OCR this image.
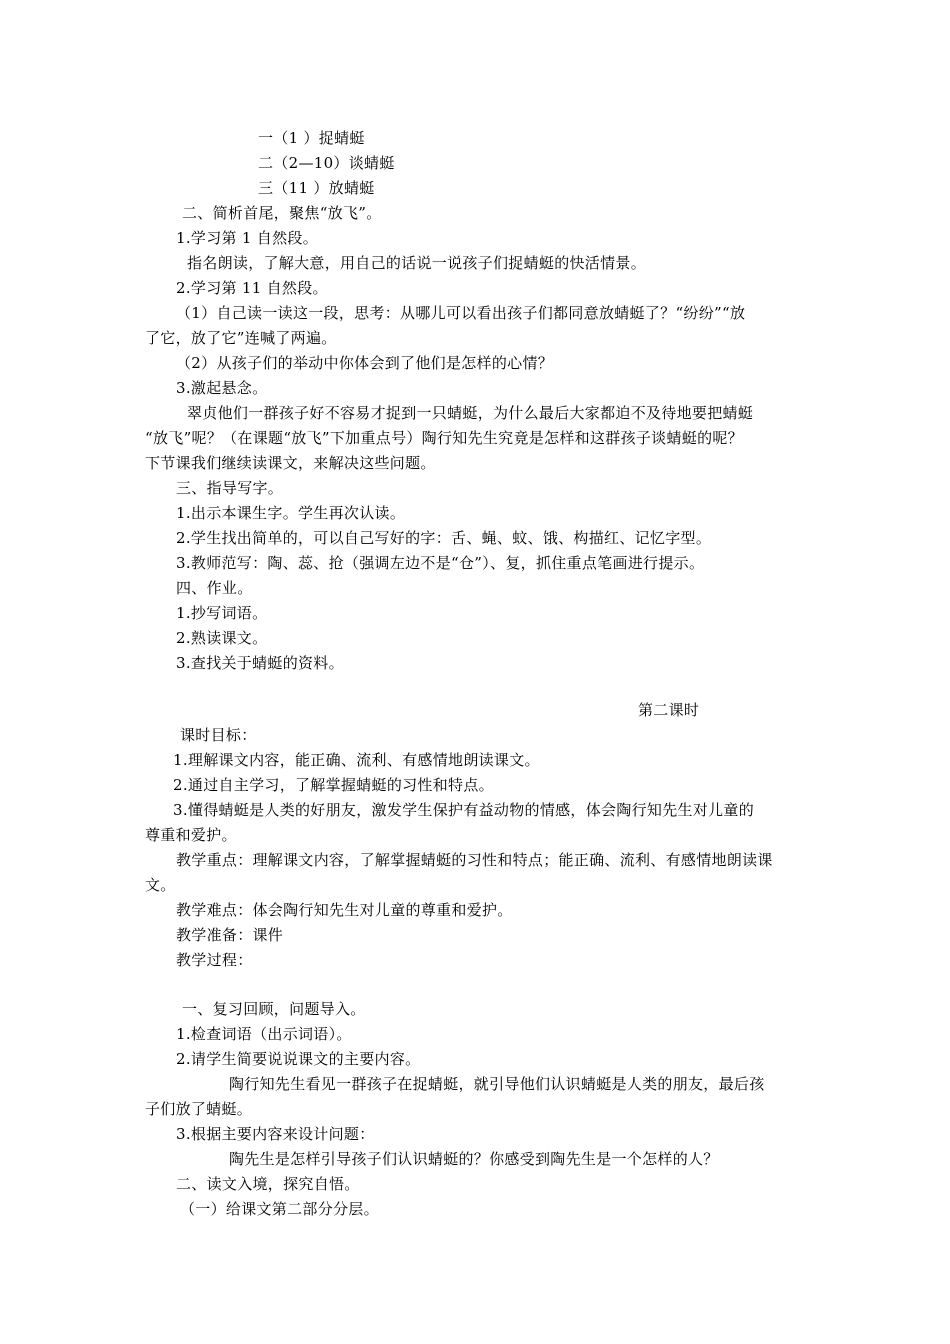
一（1 ）捉蜻蜓
二（2—10）谈蜻蜓
三（11 ）放蜻蜓
二、简析首尾，聚焦“放飞”。
1.学习第 1 自然段。
指名朗读，了解大意，用自己的话说一说孩子们捉蜻蜓的快活情景。
2.学习第 11 自然段。
（1）自己读一读这一段，思考：从哪儿可以看出孩子们都同意放蜻蜓了？“纷纷”“放
了它，放了它”连喊了两遍。
（2）从孩子们的举动中你体会到了他们是怎样的心情？
3.激起悬念。
翠贞他们一群孩子好不容易才捉到一只蜻蜓，为什么最后大家都迫不及待地要把蜻蜓
“放飞”呢？（在课题“放飞”下加重点号）陶行知先生究竟是怎样和这群孩子谈蜻蜓的呢？
下节课我们继续读课文，来解决这些问题。
三、指导写字。
1.出示本课生字。学生再次认读。
2.学生找出简单的，可以自己写好的字：舌、蝇、蚊、饿、构描红、记忆字型。
3.教师范写：陶、蕊、抢（强调左边不是“仓”）、复，抓住重点笔画进行提示。
四、作业。
1.抄写词语。
2.熟读课文。
3.查找关于蜻蜓的资料。
第二课时
课时目标：
1.理解课文内容，能正确、流利、有感情地朗读课文。
2.通过自主学习，了解掌握蜻蜓的习性和特点。
3.懂得蜻蜓是人类的好朋友，激发学生保护有益动物的情感，体会陶行知先生对儿童的
尊重和爱护。
教学重点：理解课文内容，了解掌握蜻蜓的习性和特点；能正确、流利、有感情地朗读课
文。
教学难点：体会陶行知先生对儿童的尊重和爱护。
教学准备：课件
教学过程：
一、复习回顾，问题导入。
1.检查词语（出示词语）。
2.请学生简要说说课文的主要内容。
陶行知先生看见一群孩子在捉蜻蜓，就引导他们认识蜻蜓是人类的朋友，最后孩
子们放了蜻蜓。
3.根据主要内容来设计问题：
陶先生是怎样引导孩子们认识蜻蜓的？你感受到陶先生是一个怎样的人？
二、读文入境，探究自悟。
（一）给课文第二部分分层。
